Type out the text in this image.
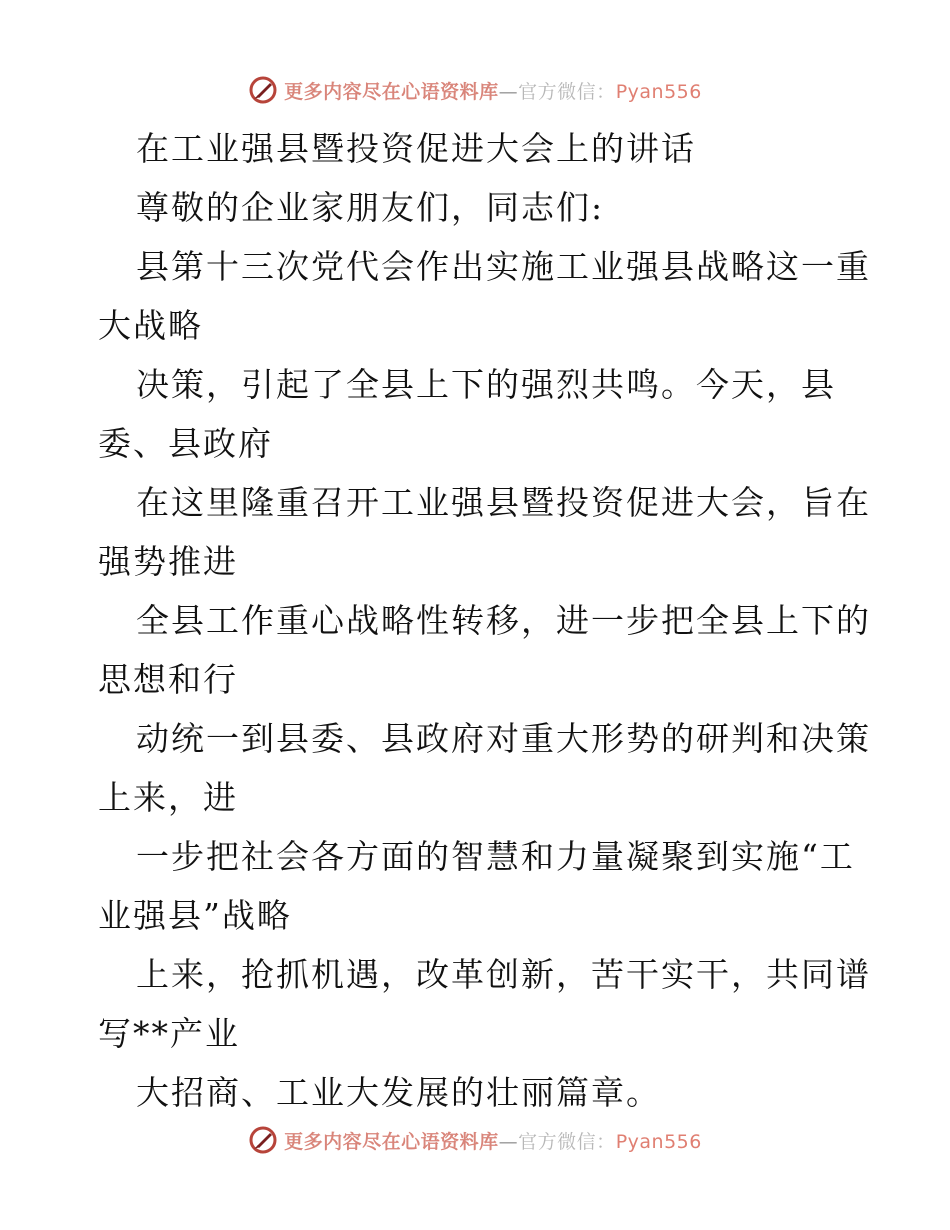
更多内容尽在心语资料库—官方微信：Pyan556
在工业强县暨投资促进大会上的讲话
尊敬的企业家朋友们，同志们:
县第十三次党代会作出实施工业强县战略这一重
大战略
决策，引起了全县上下的强烈共鸣。今天，县
委、县政府
在这里隆重召开工业强县暨投资促进大会，旨在
强势推进
全县工作重心战略性转移，进一步把全县上下的
思想和行
动统一到县委、县政府对重大形势的研判和决策
上来，进
一步把社会各方面的智慧和力量凝聚到实施“工
业强县”战略
上来，抢抓机遇，改革创新，苦干实干，共同谱
写**产业
大招商、工业大发展的壮丽篇章。
更多内容尽在心语资料库—官方微信：Pyan556
